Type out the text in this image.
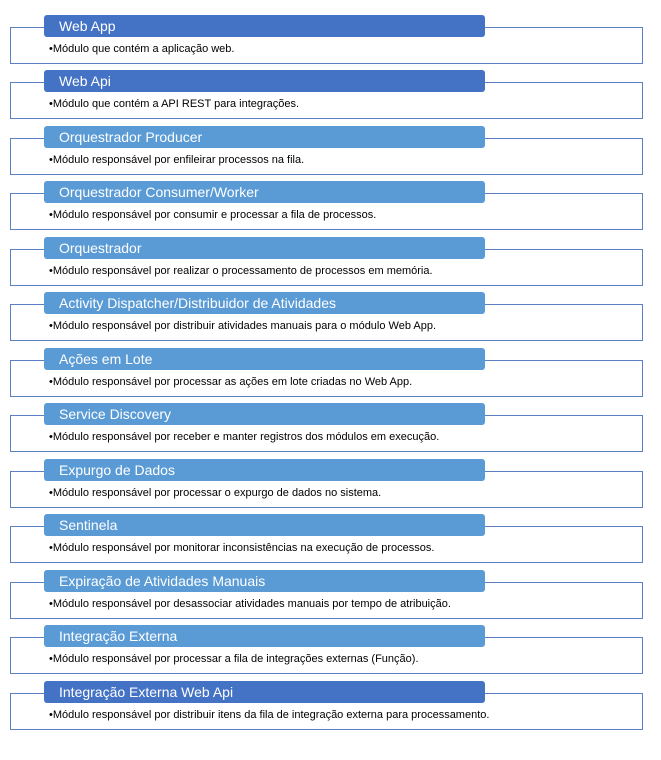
•Módulo que contém a aplicação web.
Web App
•Módulo que contém a API REST para integrações.
Web Api
•Módulo responsável por enfileirar processos na fila.
Orquestrador Producer
•Módulo responsável por consumir e processar a fila de processos.
Orquestrador Consumer/Worker
•Módulo responsável por realizar o processamento de processos em memória.
Orquestrador
•Módulo responsável por distribuir atividades manuais para o módulo Web App.
Activity Dispatcher/Distribuidor de Atividades
•Módulo responsável por processar as ações em lote criadas no Web App.
Ações em Lote
•Módulo responsável por receber e manter registros dos módulos em execução.
Service Discovery
•Módulo responsável por processar o expurgo de dados no sistema.
Expurgo de Dados
•Módulo responsável por monitorar inconsistências na execução de processos.
Sentinela
•Módulo responsável por desassociar atividades manuais por tempo de atribuição.
Expiração de Atividades Manuais
•Módulo responsável por processar a fila de integrações externas (Função).
Integração Externa
•Módulo responsável por distribuir itens da fila de integração externa para processamento.
Integração Externa Web Api
